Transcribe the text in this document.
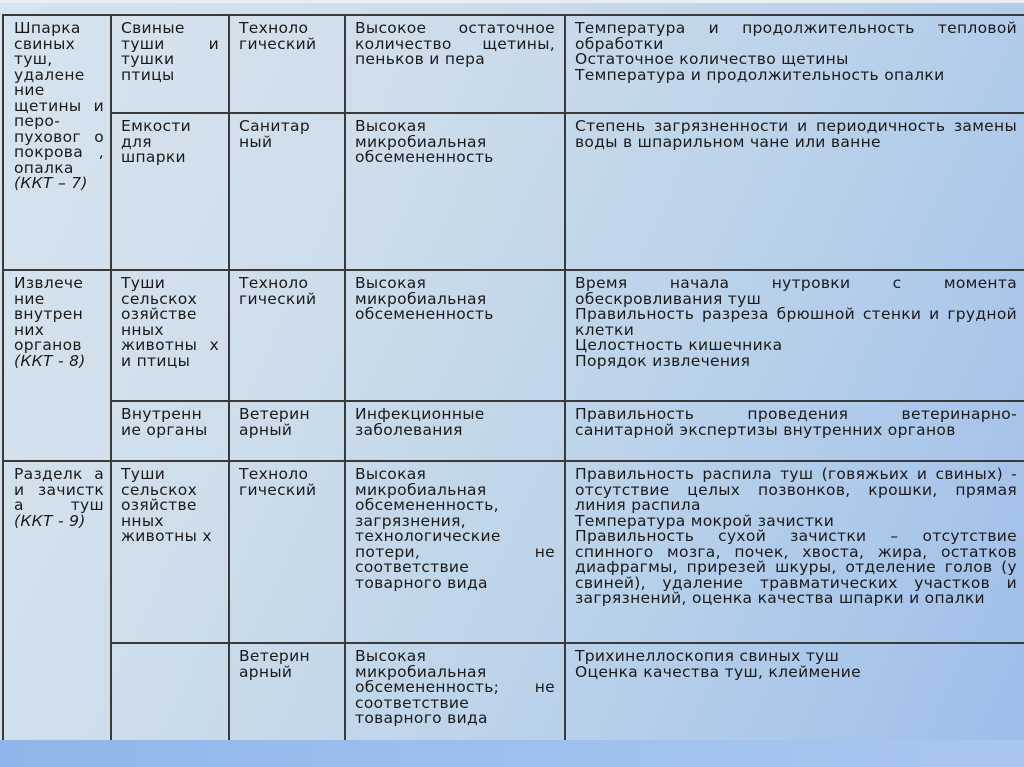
Шпарка свиных туш, удалене ние щетины и перо-пуховог о покрова , опалка (ККТ – 7)	Свиные туши и тушки птицы	Техноло гический	Высокое остаточное количество щетины, пеньков и пера	Температура и продолжительность тепловой обработки
Остаточное количество щетины
Температура и продолжительность опалки

	Емкости для шпарки	Санитар ный	Высокая микробиальная обсемененность	Степень загрязненности и периодичность замены воды в шпарильном чане или ванне

Извлече ние внутрен них органов (ККТ - 8)	Туши сельскох озяйстве нных животны х и птицы	Техноло гический	Высокая микробиальная обсемененность	Время начала нутровки с момента обескровливания туш
Правильность разреза брюшной стенки и грудной клетки
Целостность кишечника
Порядок извлечения

	Внутренн ие органы	Ветерин арный	Инфекционные заболевания	Правильность проведения ветеринарно-санитарной экспертизы внутренних органов

Разделк а и зачистк а туш (ККТ - 9)	Туши сельскох озяйстве нных животны х	Техноло гический	Высокая микробиальная обсемененность, загрязнения, технологические потери, не соответствие товарного вида	Правильность распила туш (говяжьих и свиных) - отсутствие целых позвонков, крошки, прямая линия распила
Температура мокрой зачистки
Правильность сухой зачистки – отсутствие спинного мозга, почек, хвоста, жира, остатков диафрагмы, прирезей шкуры, отделение голов (у свиней), удаление травматических участков и загрязнений, оценка качества шпарки и опалки

		Ветерин арный	Высокая микробиальная обсемененность; не соответствие товарного вида	Трихинеллоскопия свиных туш
Оценка качества туш, клеймение
